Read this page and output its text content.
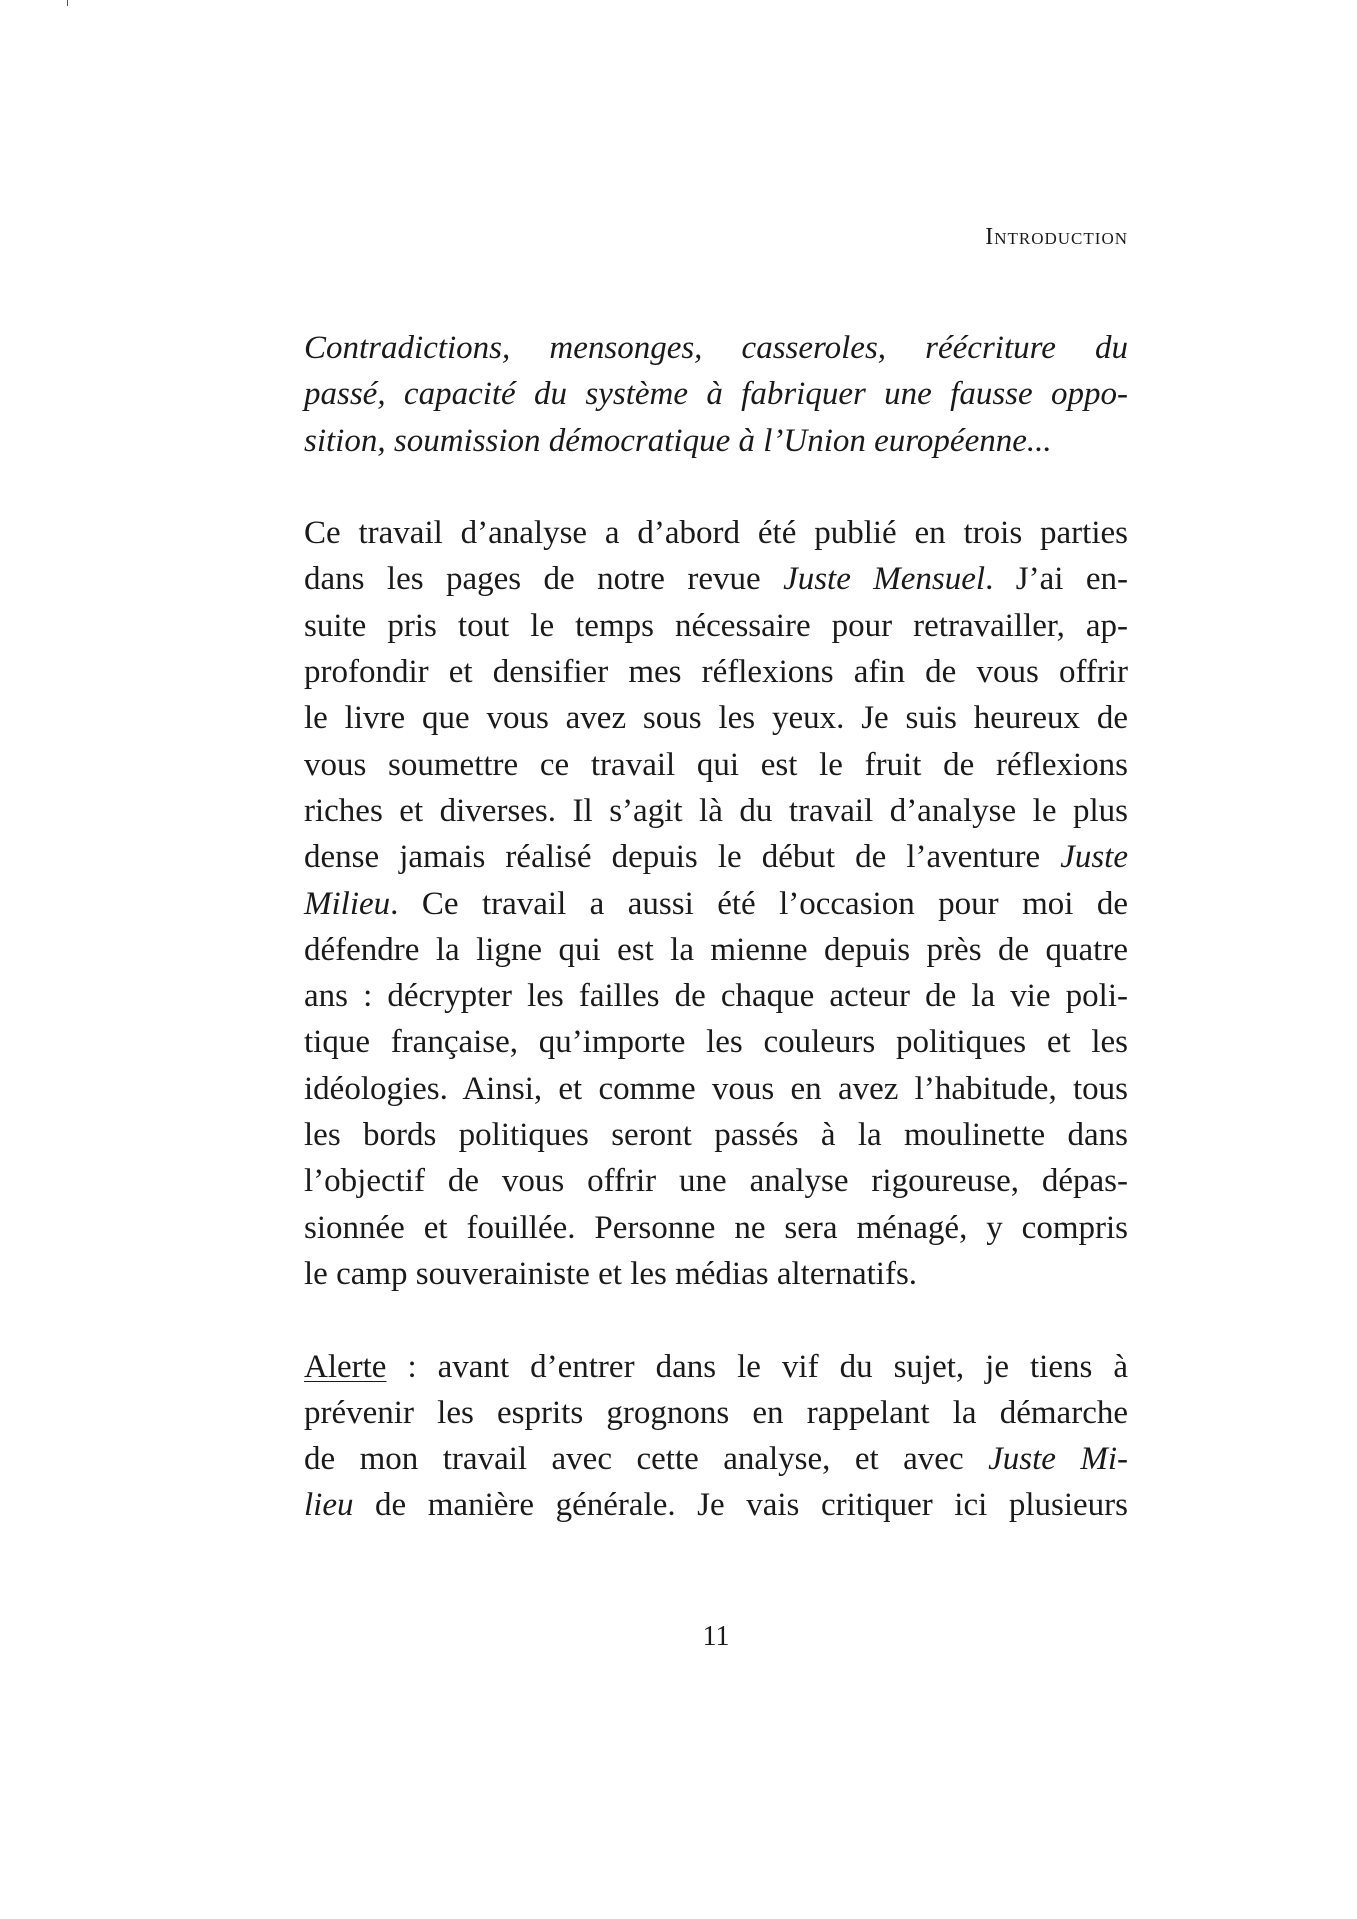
Introduction
Contradictions, mensonges, casseroles, réécriture du
passé, capacité du système à fabriquer une fausse oppo-
sition, soumission démocratique à l’Union européenne...
Ce travail d’analyse a d’abord été publié en trois parties
dans les pages de notre revue Juste Mensuel. J’ai en-
suite pris tout le temps nécessaire pour retravailler, ap-
profondir et densifier mes réflexions afin de vous offrir
le livre que vous avez sous les yeux. Je suis heureux de
vous soumettre ce travail qui est le fruit de réflexions
riches et diverses. Il s’agit là du travail d’analyse le plus
dense jamais réalisé depuis le début de l’aventure Juste
Milieu. Ce travail a aussi été l’occasion pour moi de
défendre la ligne qui est la mienne depuis près de quatre
ans : décrypter les failles de chaque acteur de la vie poli-
tique française, qu’importe les couleurs politiques et les
idéologies. Ainsi, et comme vous en avez l’habitude, tous
les bords politiques seront passés à la moulinette dans
l’objectif de vous offrir une analyse rigoureuse, dépas-
sionnée et fouillée. Personne ne sera ménagé, y compris
le camp souverainiste et les médias alternatifs.
Alerte : avant d’entrer dans le vif du sujet, je tiens à
prévenir les esprits grognons en rappelant la démarche
de mon travail avec cette analyse, et avec Juste Mi-
lieu de manière générale. Je vais critiquer ici plusieurs
11
